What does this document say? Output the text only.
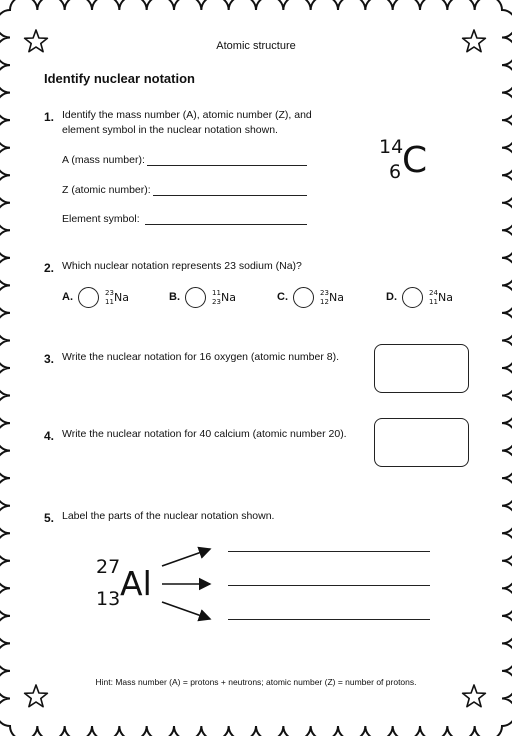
Atomic structure
Identify nuclear notation
1. Identify the mass number (A), atomic number (Z), and element symbol in the nuclear notation shown.
A (mass number):
Z (atomic number):
Element symbol:
14
6 C
2. Which nuclear notation represents 23 sodium (Na)?
A.	23
11 Na	B.	11
23 Na	C.	23
12 Na	D.	24
11 Na
3. Write the nuclear notation for 16 oxygen (atomic number 8).
4. Write the nuclear notation for 40 calcium (atomic number 20).
5. Label the parts of the nuclear notation shown.
27
13 Al
Hint: Mass number (A) = protons + neutrons; atomic number (Z) = number of protons.
